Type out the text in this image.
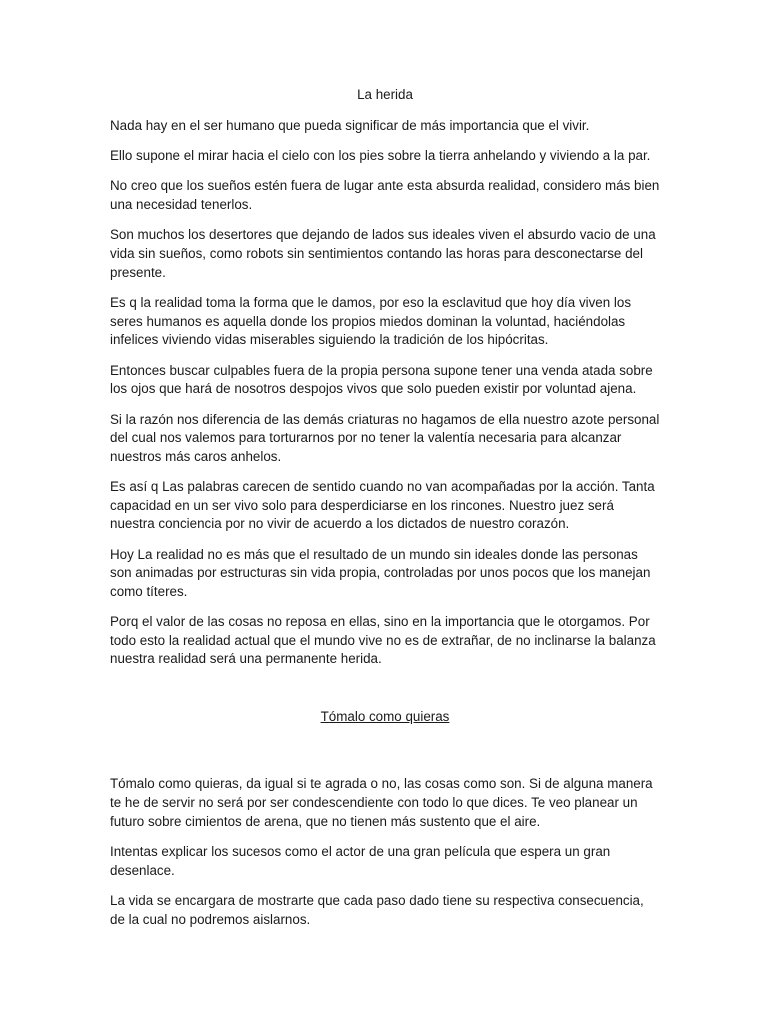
La herida

Nada hay en el ser humano que pueda significar de más importancia que el vivir.

Ello supone el mirar hacia el cielo con los pies sobre la tierra anhelando y viviendo a la par.

No creo que los sueños estén fuera de lugar ante esta absurda realidad, considero más bien una necesidad tenerlos.

Son muchos los desertores que dejando de lados sus ideales viven el absurdo vacio de una vida sin sueños, como robots sin sentimientos contando las horas para desconectarse del presente.

Es q la realidad toma la forma que le damos, por eso la esclavitud que hoy día viven los seres humanos es aquella donde los propios miedos dominan la voluntad, haciéndolas infelices viviendo vidas miserables siguiendo la tradición de los hipócritas.

Entonces buscar culpables fuera de la propia persona supone tener una venda atada sobre los ojos que hará de nosotros despojos vivos que solo pueden existir por voluntad ajena.

Si la razón nos diferencia de las demás criaturas no hagamos de ella nuestro azote personal del cual nos valemos para torturarnos por no tener la valentía necesaria para alcanzar nuestros más caros anhelos.

Es así q Las palabras carecen de sentido cuando no van acompañadas por la acción. Tanta capacidad en un ser vivo solo para desperdiciarse en los rincones. Nuestro juez será nuestra conciencia por no vivir de acuerdo a los dictados de nuestro corazón.

Hoy La realidad no es más que el resultado de un mundo sin ideales donde las personas son animadas por estructuras sin vida propia, controladas por unos pocos que los manejan como títeres.

Porq el valor de las cosas no reposa en ellas, sino en la importancia que le otorgamos. Por todo esto la realidad actual que el mundo vive no es de extrañar, de no inclinarse la balanza nuestra realidad será una permanente herida.

Tómalo como quieras

Tómalo como quieras, da igual si te agrada o no, las cosas como son. Si de alguna manera te he de servir no será por ser condescendiente con todo lo que dices. Te veo planear un futuro sobre cimientos de arena, que no tienen más sustento que el aire.

Intentas explicar los sucesos como el actor de una gran película que espera un gran desenlace.

La vida se encargara de mostrarte que cada paso dado tiene su respectiva consecuencia, de la cual no podremos aislarnos.
